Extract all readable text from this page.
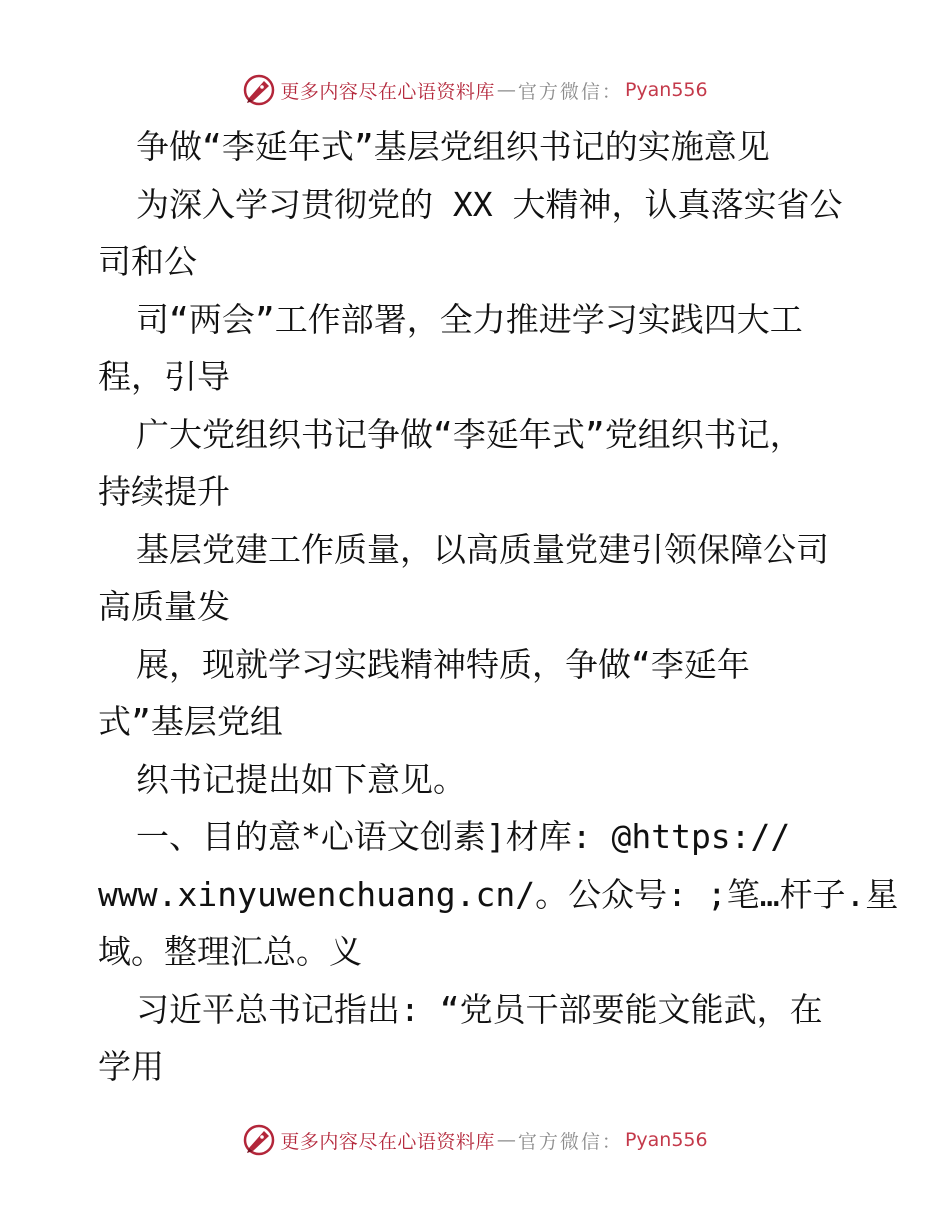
更多内容尽在心语资料库 — 官方微信： Pyan556
争做“李延年式”基层党组织书记的实施意见
为深入学习贯彻党的 XX 大精神，认真落实省公
司和公
司“两会”工作部署，全力推进学习实践四大工
程，引导
广大党组织书记争做“李延年式”党组织书记，
持续提升
基层党建工作质量，以高质量党建引领保障公司
高质量发
展，现就学习实践精神特质，争做“李延年
式”基层党组
织书记提出如下意见。
一、目的意*心语文创素]材库: @https://
www.xinyuwenchuang.cn/。公众号: ;笔…杆子.星
域。整理汇总。义
习近平总书记指出: “党员干部要能文能武，在
学用
更多内容尽在心语资料库 — 官方微信： Pyan556
